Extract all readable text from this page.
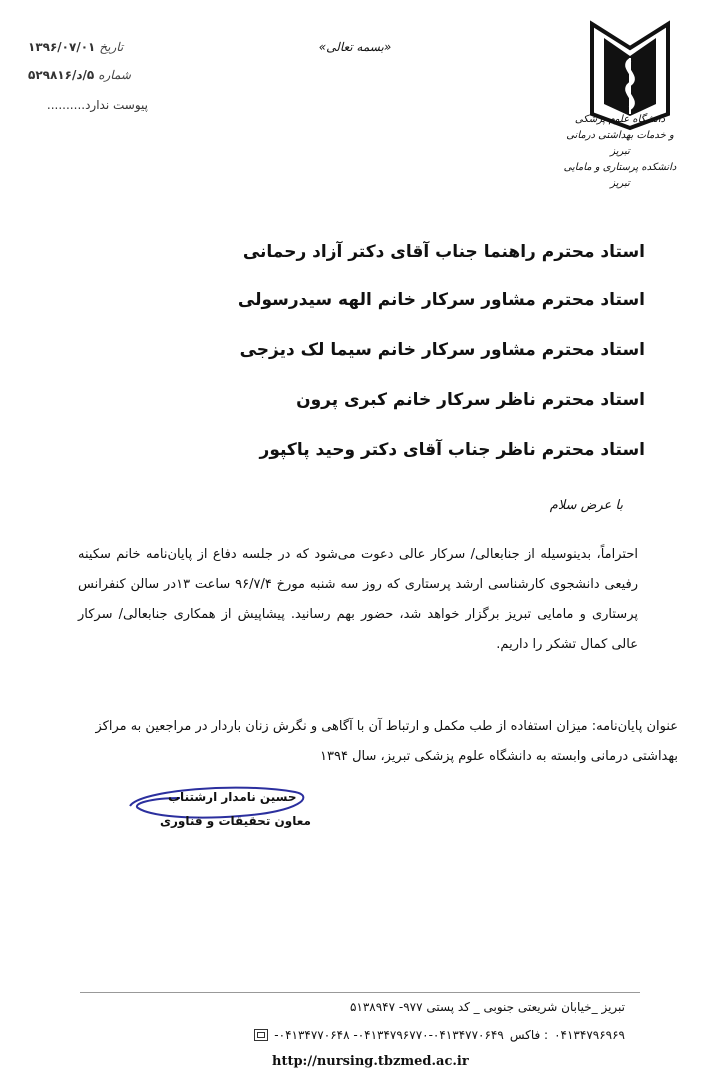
تاریخ
۱۳۹۶/۰۷/۰۱
شماره
۵/د/۵۲۹۸۱۶
پیوست ندارد..........
«بسمه تعالی»
دانشگاه علوم پزشکی
و خدمات بهداشتی درمانی تبریز
دانشکده پرستاری و مامایی تبریز
استاد محترم راهنما جناب آقای دکتر آزاد رحمانی
استاد محترم مشاور سرکار خانم الهه سیدرسولی
استاد محترم مشاور سرکار خانم سیما لک دیزجی
استاد محترم ناظر سرکار خانم کبری پرون
استاد محترم ناظر جناب آقای دکتر وحید پاکپور
با عرض سلام
احتراماً، بدینوسیله از جنابعالی/ سرکار عالی دعوت می‌شود که در جلسه دفاع از پایان‌نامه خانم سکینه رفیعی دانشجوی کارشناسی ارشد پرستاری که روز سه شنبه مورخ ۹۶/۷/۴ ساعت ۱۳در سالن کنفرانس پرستاری و مامایی تبریز برگزار خواهد شد، حضور بهم رسانید. پیشاپیش از همکاری جنابعالی/ سرکار عالی کمال تشکر را داریم.
عنوان پایان‌نامه: میزان استفاده از طب مکمل و ارتباط آن با آگاهی و نگرش زنان باردار در مراجعین به مراکز بهداشتی درمانی وابسته به دانشگاه علوم پزشکی تبریز، سال ۱۳۹۴
حسین نامدار ارشتناب
معاون تحقیقات و فناوری
تبریز _خیابان شریعتی جنوبی _ کد پستی ۹۷۷- ۵۱۳۸۹۴۷
۰۴۱۳۴۷۹۶۹۶۹
: فاکس
۰۴۱۳۴۷۹۶۷۷۰-۰۴۱۳۴۷۷۰۶۴۹- ۰۴۱۳۴۷۷۰۶۴۸-
http://nursing.tbzmed.ac.ir
